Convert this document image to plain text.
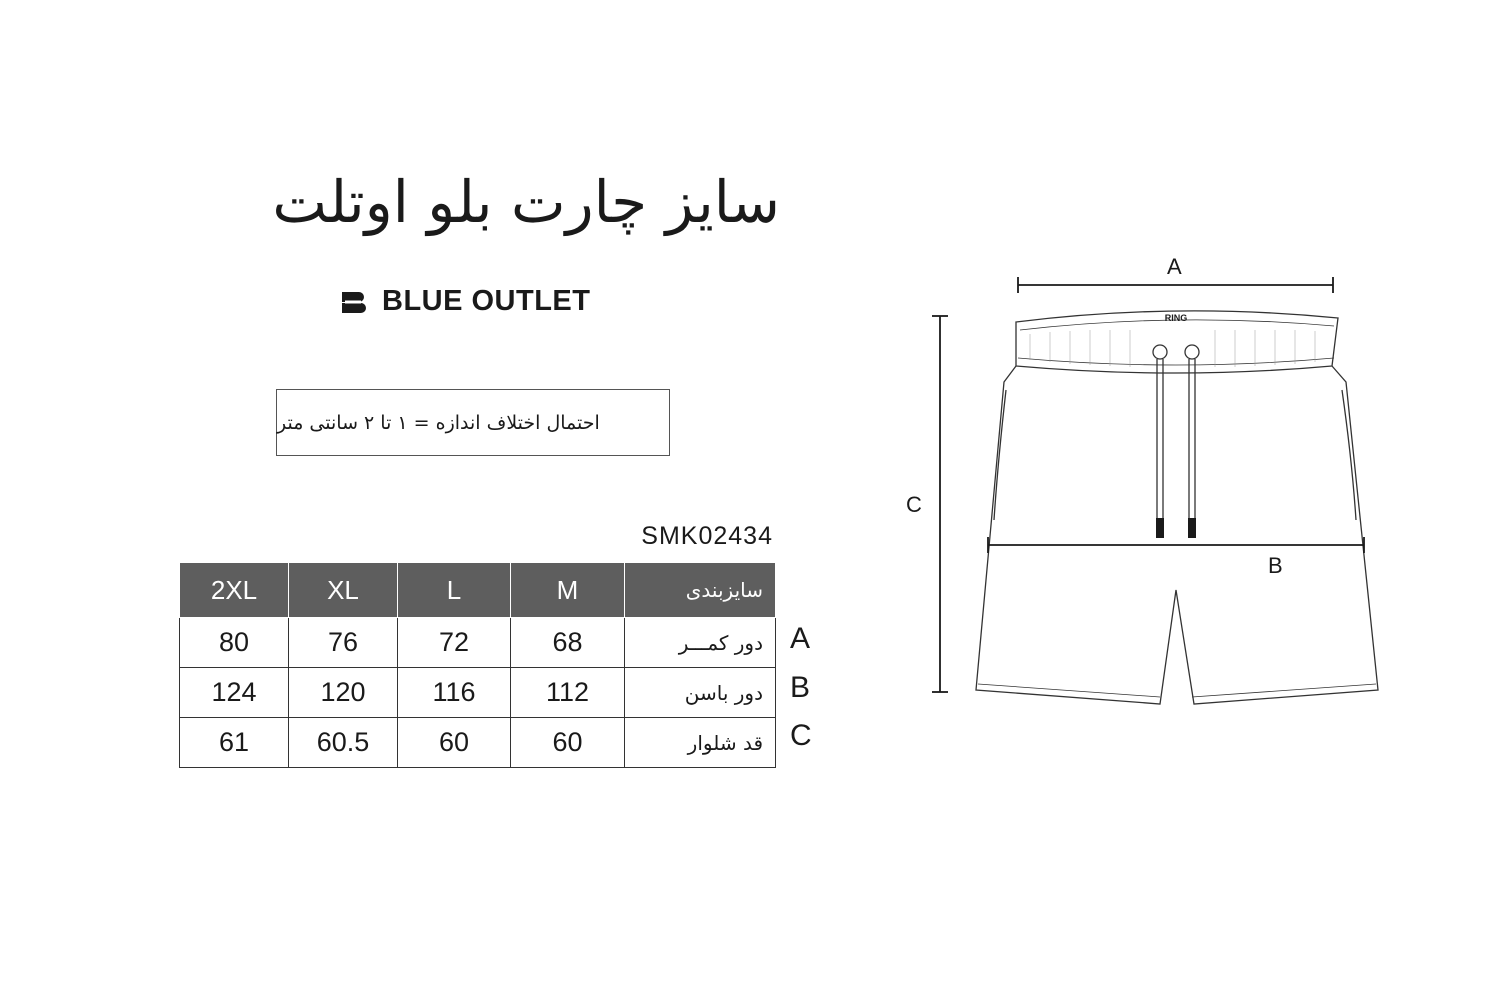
سایز چارت بلو اوتلت
BLUE OUTLET
احتمال اختلاف اندازه = ۱ تا ۲ سانتی متر
SMK02434
2XL	XL	L	M	سایزبندی
80	76	72	68	دور کمـــر
124	120	116	112	دور باسن
61	60.5	60	60	قد شلوار
A
B
C
RING
A
B
C
